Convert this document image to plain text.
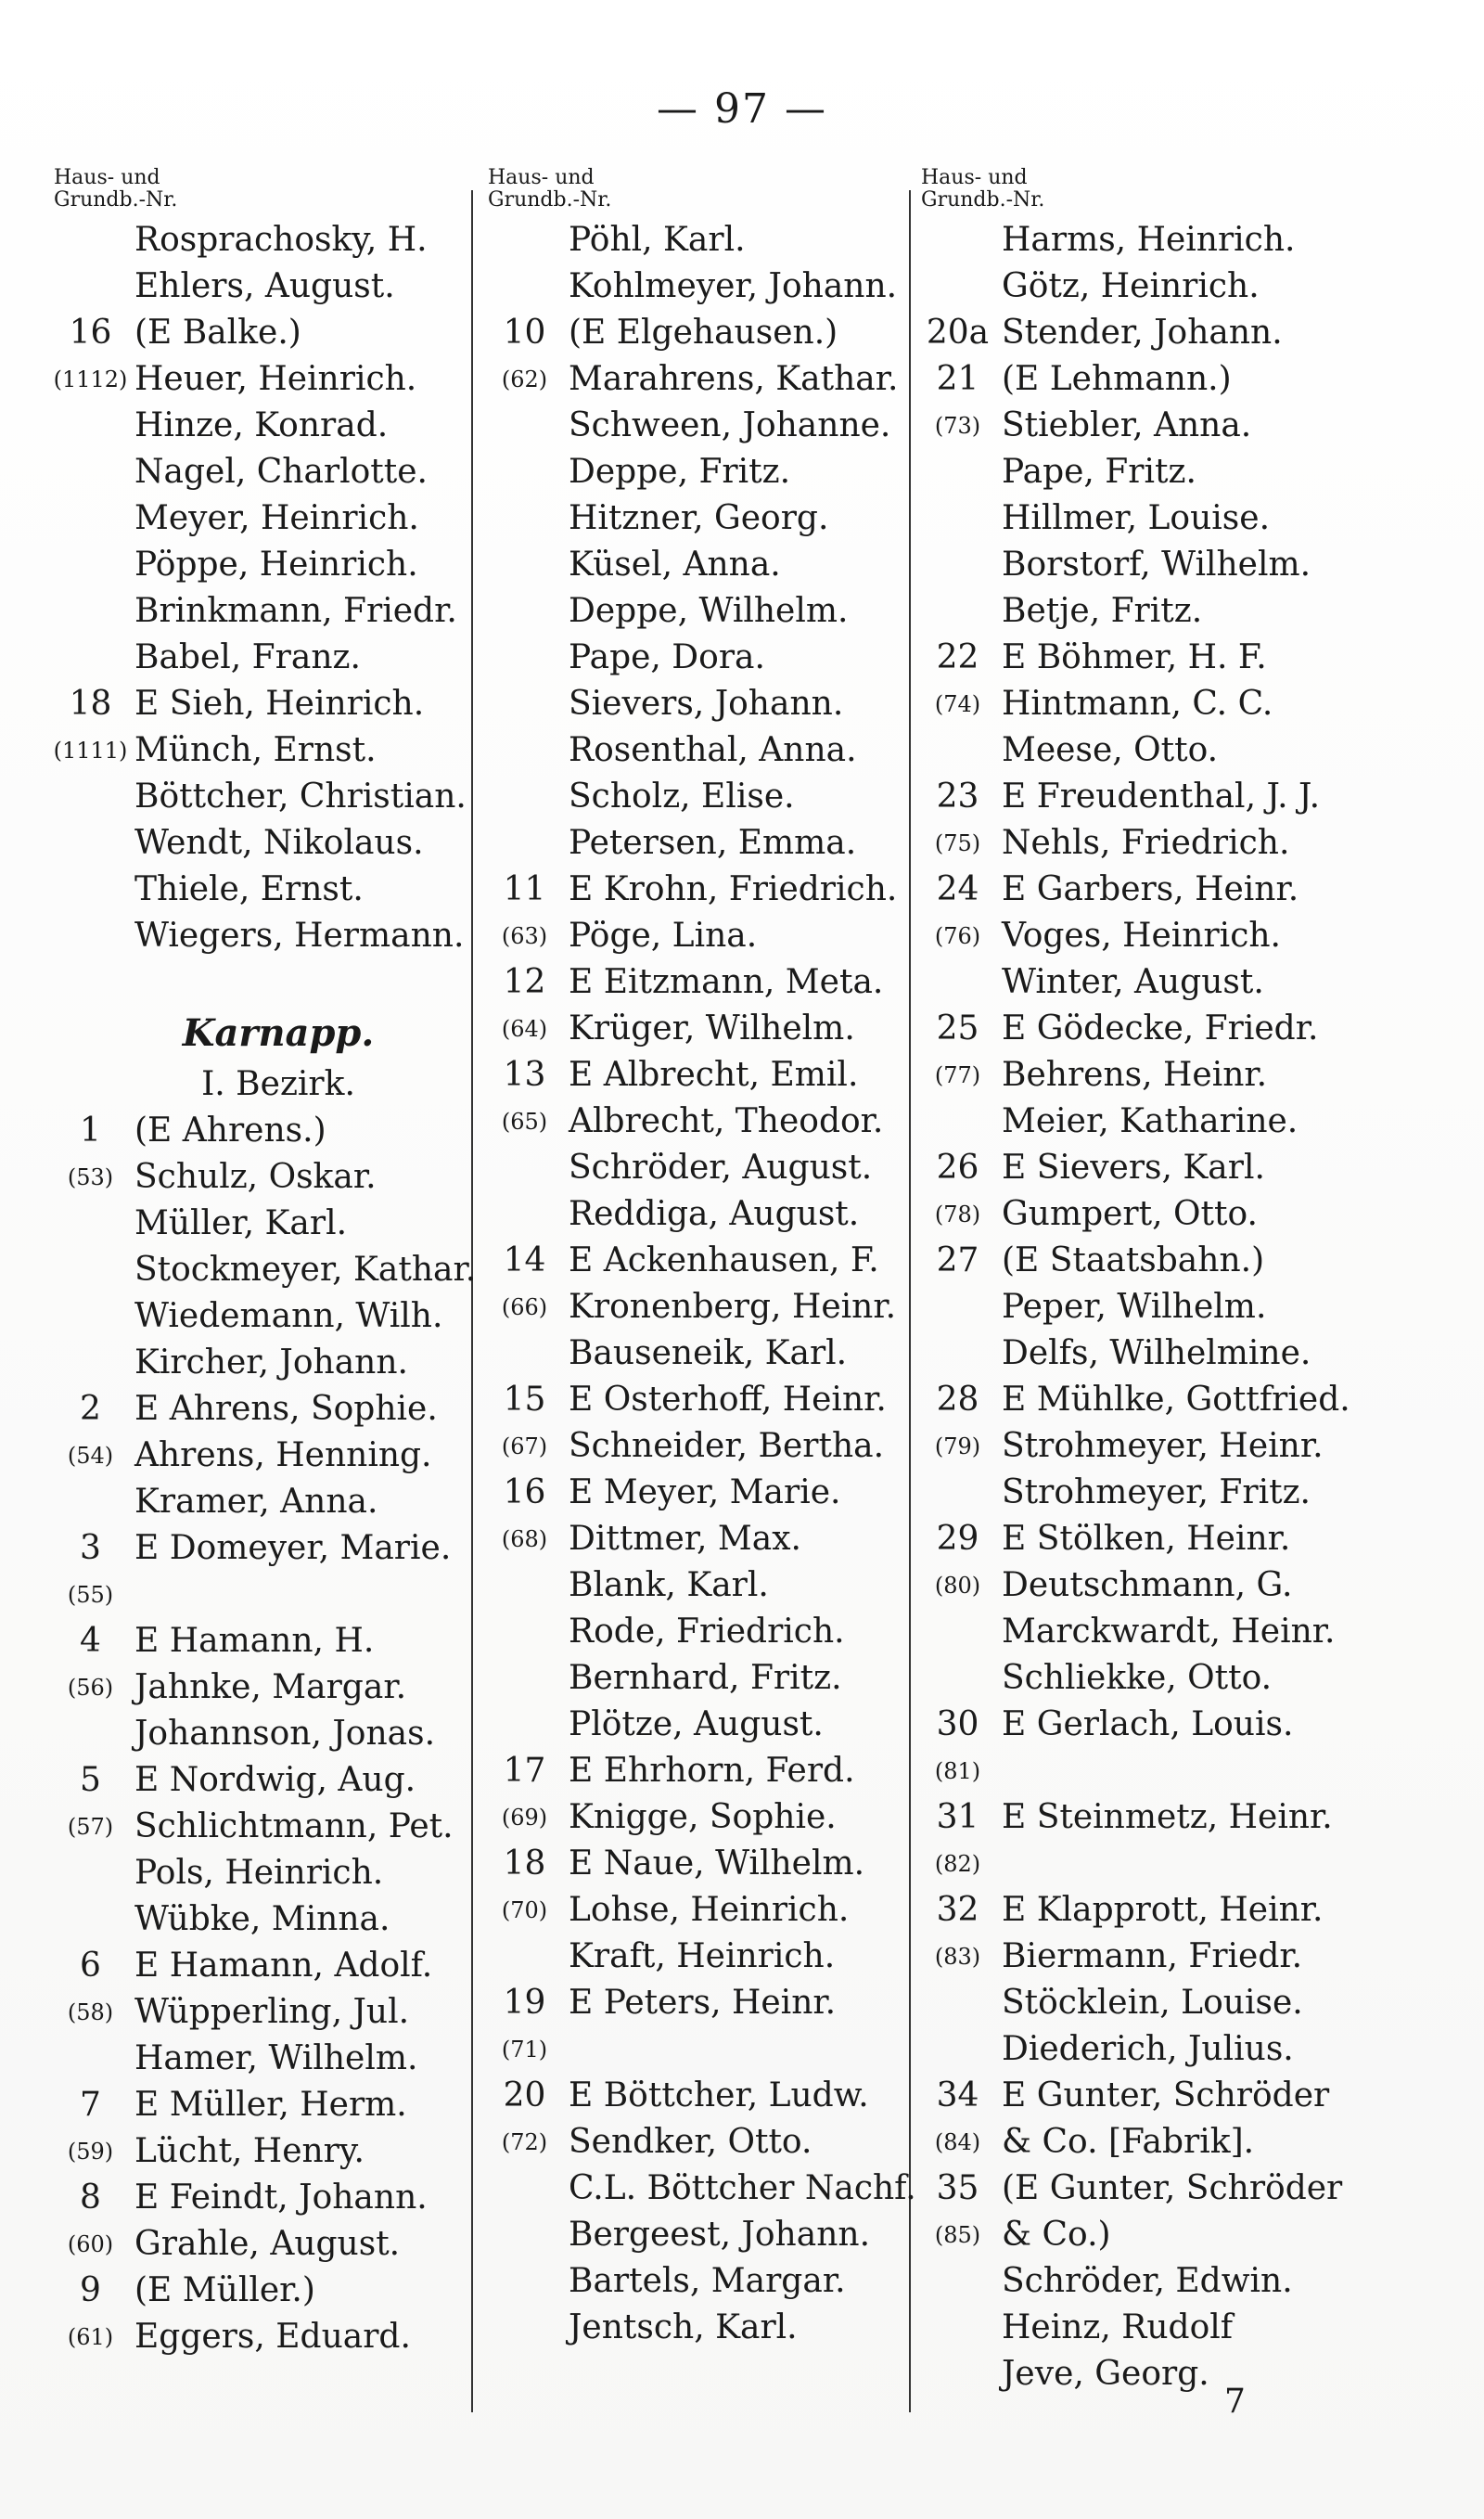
— 97 —
Haus- und
Grundb.-Nr.
Rosprachosky, H.
Ehlers, August.
16
(1112)
(E Balke.)
Heuer, Heinrich.
Hinze, Konrad.
Nagel, Charlotte.
Meyer, Heinrich.
Pöppe, Heinrich.
Brinkmann, Friedr.
Babel, Franz.
18
(1111)
E Sieh, Heinrich.
Münch, Ernst.
Böttcher, Christian.
Wendt, Nikolaus.
Thiele, Ernst.
Wiegers, Hermann.
Karnapp.
I. Bezirk.
1
(53)
(E Ahrens.)
Schulz, Oskar.
Müller, Karl.
Stockmeyer, Kathar.
Wiedemann, Wilh.
Kircher, Johann.
2
(54)
E Ahrens, Sophie.
Ahrens, Henning.
Kramer, Anna.
3
(55)
E Domeyer, Marie.
4
(56)
E Hamann, H.
Jahnke, Margar.
Johannson, Jonas.
5
(57)
E Nordwig, Aug.
Schlichtmann, Pet.
Pols, Heinrich.
Wübke, Minna.
6
(58)
E Hamann, Adolf.
Wüpperling, Jul.
Hamer, Wilhelm.
7
(59)
E Müller, Herm.
Lücht, Henry.
8
(60)
E Feindt, Johann.
Grahle, August.
9
(61)
(E Müller.)
Eggers, Eduard.
Haus- und
Grundb.-Nr.
Pöhl, Karl.
Kohlmeyer, Johann.
10
(62)
(E Elgehausen.)
Marahrens, Kathar.
Schween, Johanne.
Deppe, Fritz.
Hitzner, Georg.
Küsel, Anna.
Deppe, Wilhelm.
Pape, Dora.
Sievers, Johann.
Rosenthal, Anna.
Scholz, Elise.
Petersen, Emma.
11
(63)
E Krohn, Friedrich.
Pöge, Lina.
12
(64)
E Eitzmann, Meta.
Krüger, Wilhelm.
13
(65)
E Albrecht, Emil.
Albrecht, Theodor.
Schröder, August.
Reddiga, August.
14
(66)
E Ackenhausen, F.
Kronenberg, Heinr.
Bauseneik, Karl.
15
(67)
E Osterhoff, Heinr.
Schneider, Bertha.
16
(68)
E Meyer, Marie.
Dittmer, Max.
Blank, Karl.
Rode, Friedrich.
Bernhard, Fritz.
Plötze, August.
17
(69)
E Ehrhorn, Ferd.
Knigge, Sophie.
18
(70)
E Naue, Wilhelm.
Lohse, Heinrich.
Kraft, Heinrich.
19
(71)
E Peters, Heinr.
20
(72)
E Böttcher, Ludw.
Sendker, Otto.
C.L. Böttcher Nachf.
Bergeest, Johann.
Bartels, Margar.
Jentsch, Karl.
Haus- und
Grundb.-Nr.
Harms, Heinrich.
Götz, Heinrich.
20a Stender, Johann.
21
(73)
(E Lehmann.)
Stiebler, Anna.
Pape, Fritz.
Hillmer, Louise.
Borstorf, Wilhelm.
Betje, Fritz.
22
(74)
E Böhmer, H. F.
Hintmann, C. C.
Meese, Otto.
23
(75)
E Freudenthal, J. J.
Nehls, Friedrich.
24
(76)
E Garbers, Heinr.
Voges, Heinrich.
Winter, August.
25
(77)
E Gödecke, Friedr.
Behrens, Heinr.
Meier, Katharine.
26
(78)
E Sievers, Karl.
Gumpert, Otto.
27 (E Staatsbahn.)
Peper, Wilhelm.
Delfs, Wilhelmine.
28
(79)
E Mühlke, Gottfried.
Strohmeyer, Heinr.
Strohmeyer, Fritz.
29
(80)
E Stölken, Heinr.
Deutschmann, G.
Marckwardt, Heinr.
Schliekke, Otto.
30
(81)
E Gerlach, Louis.
31
(82)
E Steinmetz, Heinr.
32
(83)
E Klapprott, Heinr.
Biermann, Friedr.
Stöcklein, Louise.
Diederich, Julius.
34
(84)
E Gunter, Schröder
& Co. [Fabrik].
35
(85)
(E Gunter, Schröder
& Co.)
Schröder, Edwin.
Heinz, Rudolf
Jeve, Georg.
7
